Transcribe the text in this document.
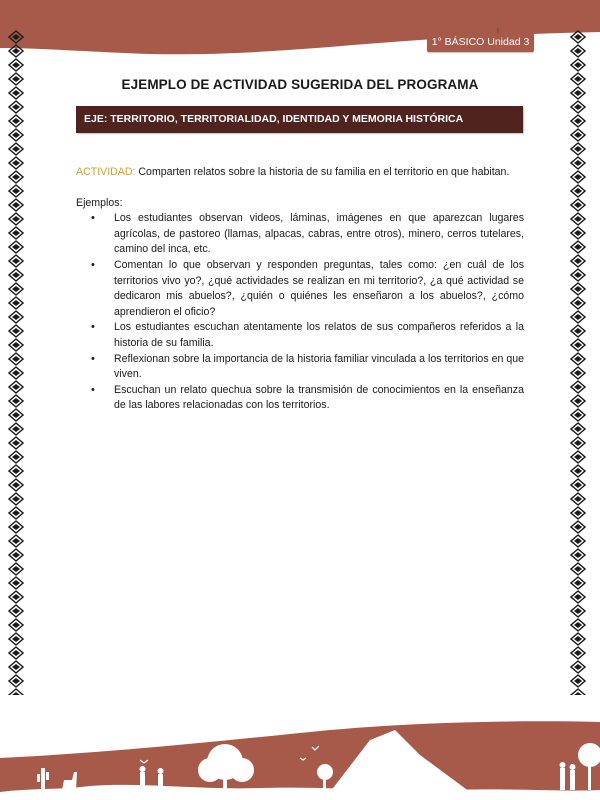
1° BÁSICO Unidad 3
EJEMPLO DE ACTIVIDAD SUGERIDA DEL PROGRAMA
EJE: TERRITORIO, TERRITORIALIDAD, IDENTIDAD Y MEMORIA HISTÓRICA
ACTIVIDAD: Comparten relatos sobre la historia de su familia en el territorio en que habitan.
Ejemplos:
• Los estudiantes observan videos, láminas, imágenes en que aparezcan lugares agrícolas, de pastoreo (llamas, alpacas, cabras, entre otros), minero, cerros tutelares, camino del inca, etc.
• Comentan lo que observan y responden preguntas, tales como: ¿en cuál de los territorios vivo yo?, ¿qué actividades se realizan en mi territorio?, ¿a qué actividad se dedicaron mis abuelos?, ¿quién o quiénes les enseñaron a los abuelos?, ¿cómo aprendieron el oficio?
• Los estudiantes escuchan atentamente los relatos de sus compañeros referidos a la historia de su familia.
• Reflexionan sobre la importancia de la historia familiar vinculada a los territorios en que viven.
• Escuchan un relato quechua sobre la transmisión de conocimientos en la enseñanza de las labores relacionadas con los territorios.
